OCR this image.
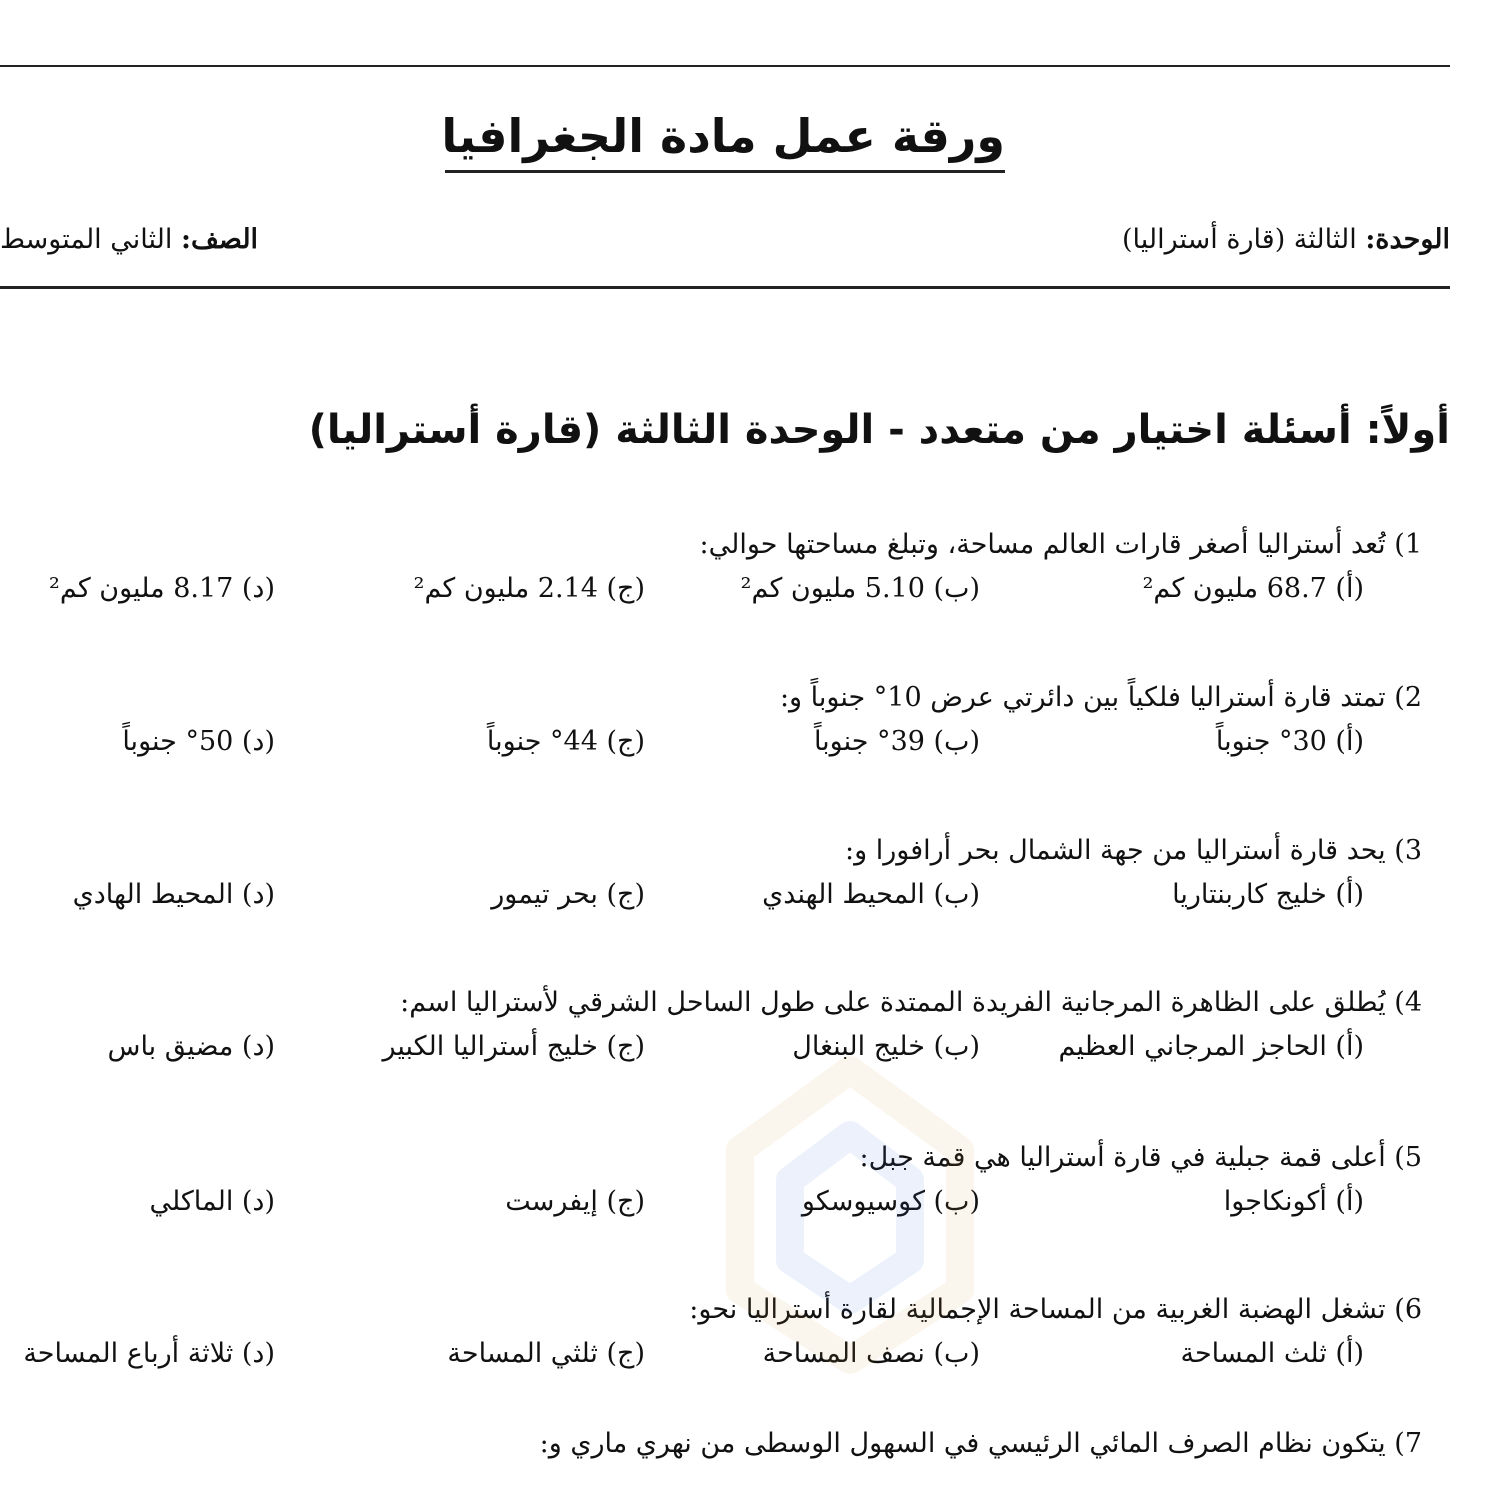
ورقة عمل مادة الجغرافيا
الوحدة: الثالثة (قارة أستراليا)
الصف: الثاني المتوسط
أولاً: أسئلة اختيار من متعدد - الوحدة الثالثة (قارة أستراليا)
1) تُعد أستراليا أصغر قارات العالم مساحة، وتبلغ مساحتها حوالي:
(أ) 68.7 مليون كم²
(ب) 5.10 مليون كم²
(ج) 2.14 مليون كم²
(د) 8.17 مليون كم²
2) تمتد قارة أستراليا فلكياً بين دائرتي عرض 10° جنوباً و:
(أ) 30° جنوباً
(ب) 39° جنوباً
(ج) 44° جنوباً
(د) 50° جنوباً
3) يحد قارة أستراليا من جهة الشمال بحر أرافورا و:
(أ) خليج كاربنتاريا
(ب) المحيط الهندي
(ج) بحر تيمور
(د) المحيط الهادي
4) يُطلق على الظاهرة المرجانية الفريدة الممتدة على طول الساحل الشرقي لأستراليا اسم:
(أ) الحاجز المرجاني العظيم
(ب) خليج البنغال
(ج) خليج أستراليا الكبير
(د) مضيق باس
5) أعلى قمة جبلية في قارة أستراليا هي قمة جبل:
(أ) أكونكاجوا
(ب) كوسيوسكو
(ج) إيفرست
(د) الماكلي
6) تشغل الهضبة الغربية من المساحة الإجمالية لقارة أستراليا نحو:
(أ) ثلث المساحة
(ب) نصف المساحة
(ج) ثلثي المساحة
(د) ثلاثة أرباع المساحة
7) يتكون نظام الصرف المائي الرئيسي في السهول الوسطى من نهري ماري و:
